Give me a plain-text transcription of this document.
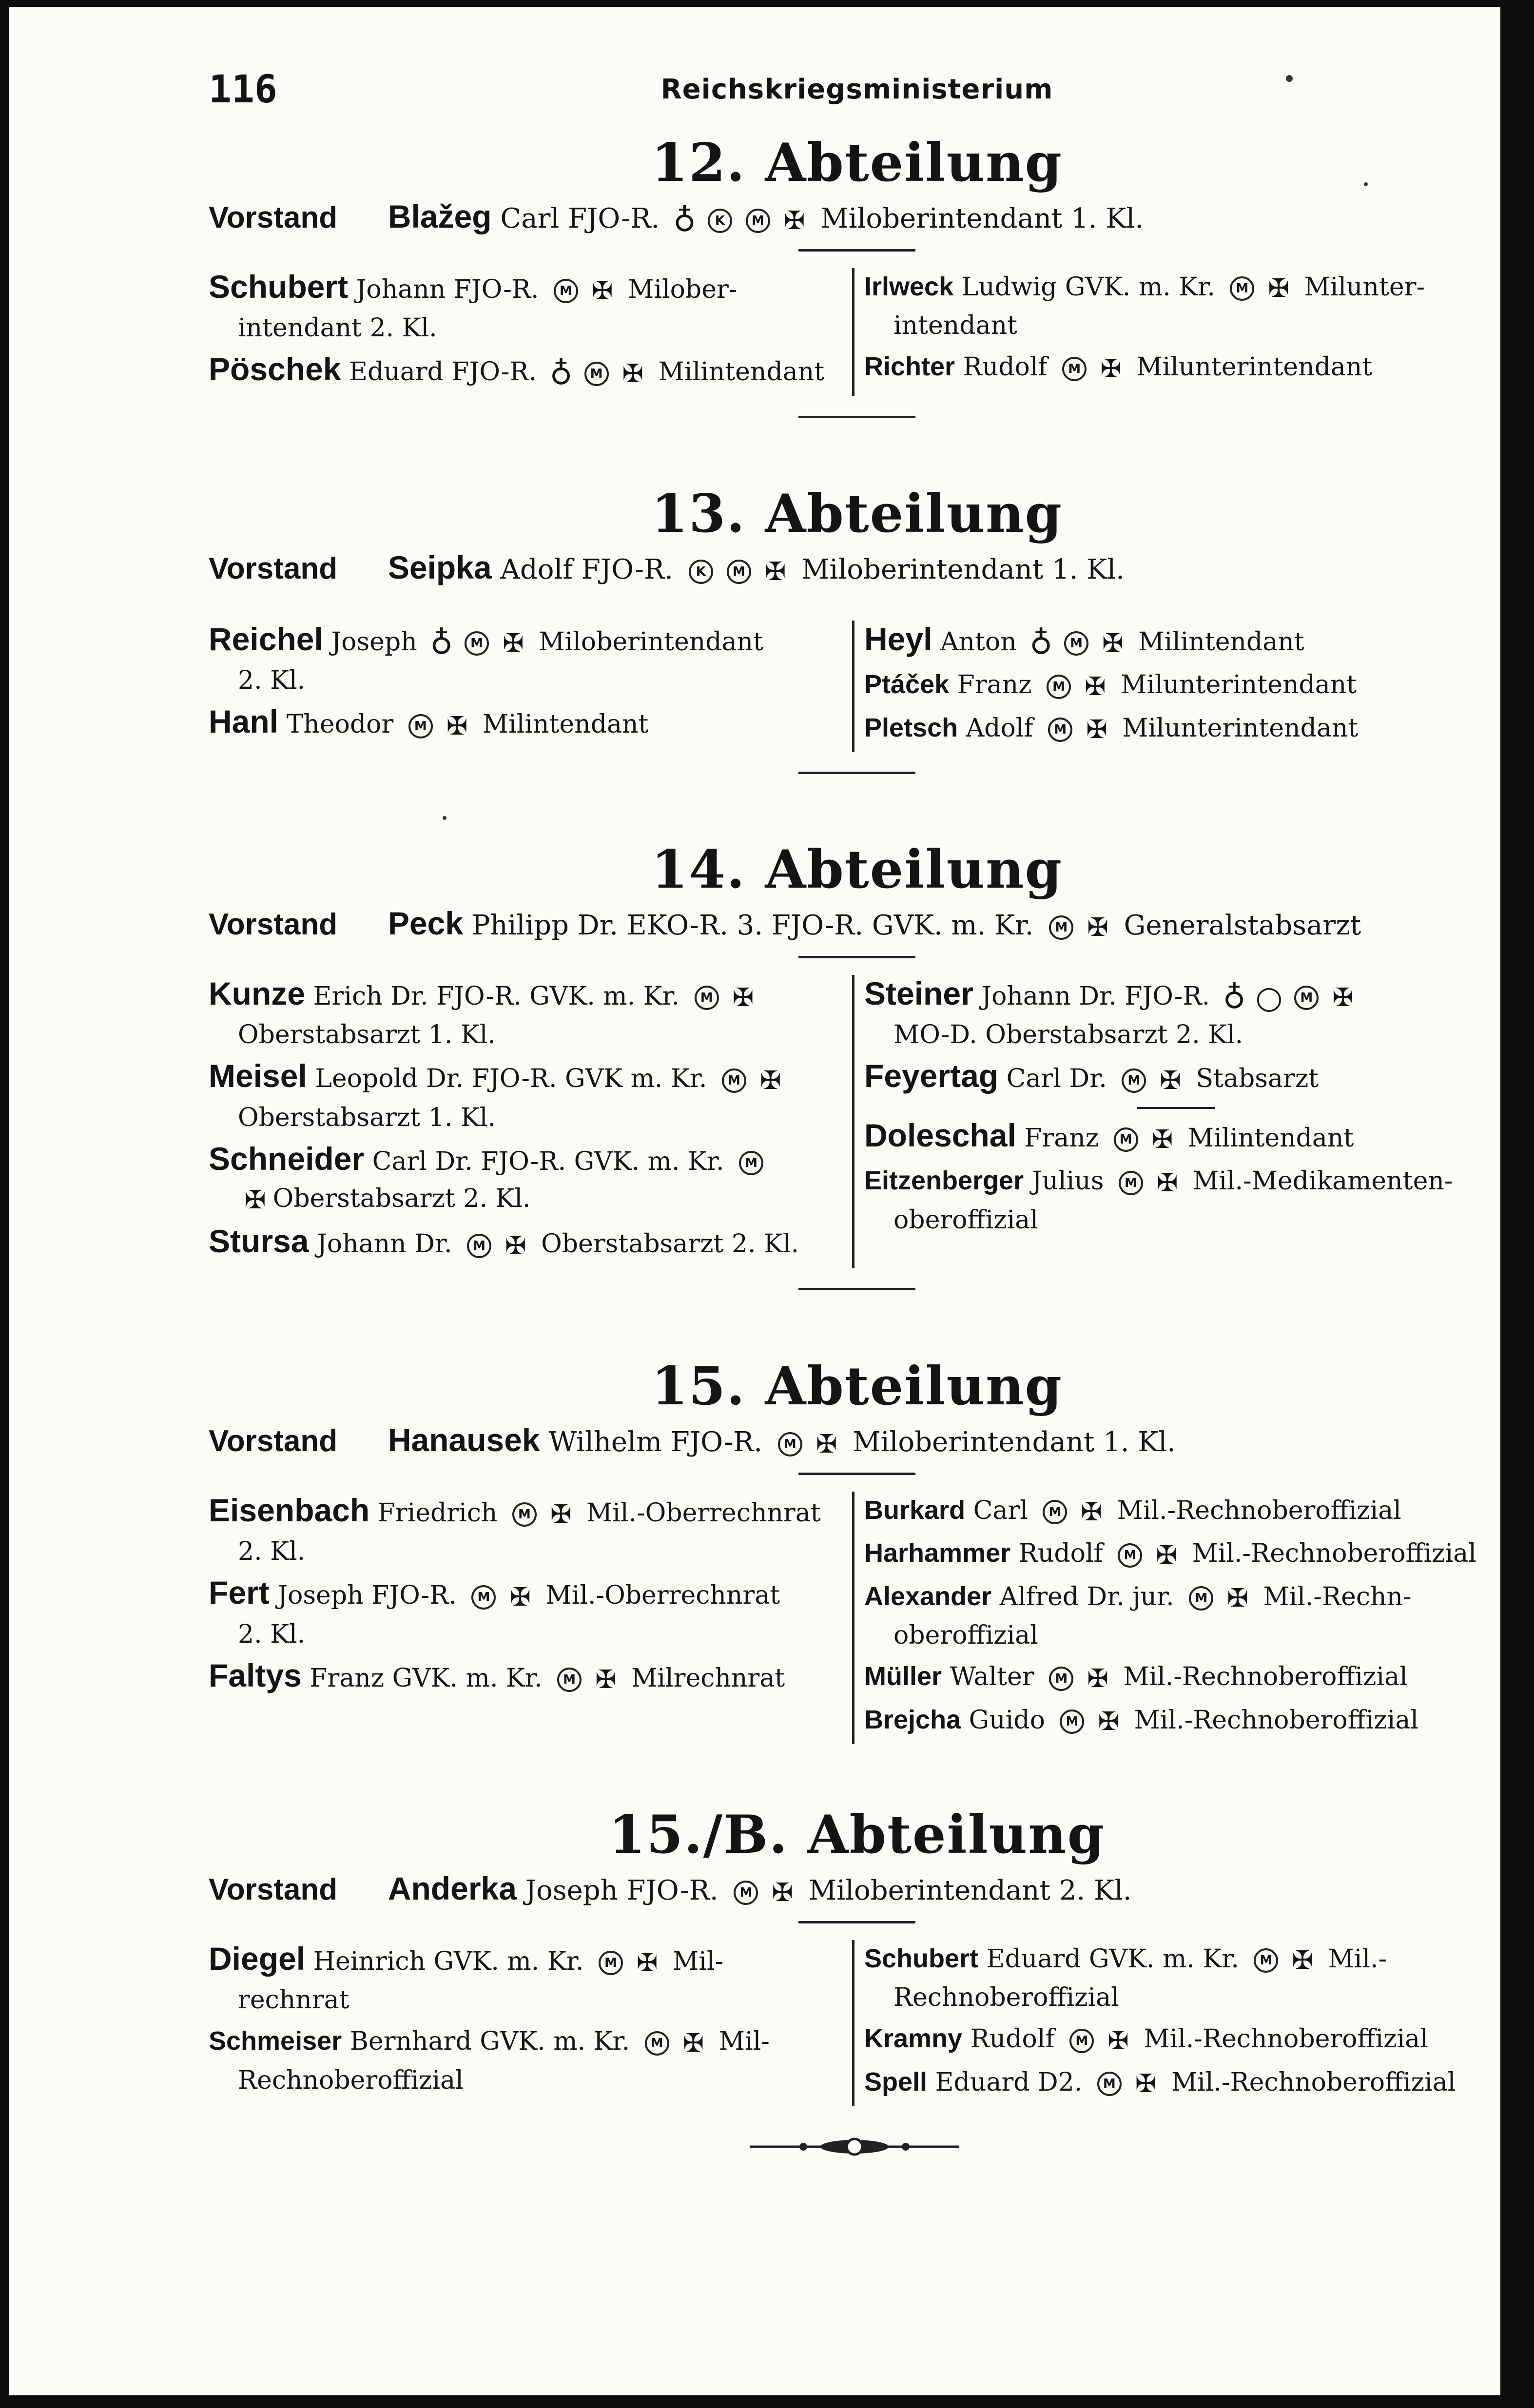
116	Reichskriegsministerium
12. Abteilung
Vorstand Blažeg Carl FJO-R. ♁ K M ✠ Miloberintendant 1. Kl.
Schubert Johann FJO-R. M ✠ Milober-
intendant 2. Kl.
Pöschek Eduard FJO-R. ♁ M ✠ Milintendant
Irlweck Ludwig GVK. m. Kr. M ✠ Milunter-
intendant
Richter Rudolf M ✠ Milunterintendant
13. Abteilung
Vorstand Seipka Adolf FJO-R. K M ✠ Miloberintendant 1. Kl.
Reichel Joseph ♁ M ✠ Miloberintendant
2. Kl.
Hanl Theodor M ✠ Milintendant
Heyl Anton ♁ M ✠ Milintendant
Ptáček Franz M ✠ Milunterintendant
Pletsch Adolf M ✠ Milunterintendant
14. Abteilung
Vorstand Peck Philipp Dr. EKO-R. 3. FJO-R. GVK. m. Kr. M ✠ Generalstabsarzt
Kunze Erich Dr. FJO-R. GVK. m. Kr. M ✠
Oberstabsarzt 1. Kl.
Meisel Leopold Dr. FJO-R. GVK m. Kr. M ✠
Oberstabsarzt 1. Kl.
Schneider Carl Dr. FJO-R. GVK. m. Kr. M
✠ Oberstabsarzt 2. Kl.
Stursa Johann Dr. M ✠ Oberstabsarzt 2. Kl.
Steiner Johann Dr. FJO-R. ♁ ○ M ✠
MO-D. Oberstabsarzt 2. Kl.
Feyertag Carl Dr. M ✠ Stabsarzt
Doleschal Franz M ✠ Milintendant
Eitzenberger Julius M ✠ Mil.-Medikamenten-
oberoffizial
15. Abteilung
Vorstand Hanausek Wilhelm FJO-R. M ✠ Miloberintendant 1. Kl.
Eisenbach Friedrich M ✠ Mil.-Oberrechnrat
2. Kl.
Fert Joseph FJO-R. M ✠ Mil.-Oberrechnrat
2. Kl.
Faltys Franz GVK. m. Kr. M ✠ Milrechnrat
Burkard Carl M ✠ Mil.-Rechnoberoffizial
Harhammer Rudolf M ✠ Mil.-Rechnoberoffizial
Alexander Alfred Dr. jur. M ✠ Mil.-Rechn-
oberoffizial
Müller Walter M ✠ Mil.-Rechnoberoffizial
Brejcha Guido M ✠ Mil.-Rechnoberoffizial
15./B. Abteilung
Vorstand Anderka Joseph FJO-R. M ✠ Miloberintendant 2. Kl.
Diegel Heinrich GVK. m. Kr. M ✠ Mil-
rechnrat
Schmeiser Bernhard GVK. m. Kr. M ✠ Mil-
Rechnoberoffizial
Schubert Eduard GVK. m. Kr. M ✠ Mil.-
Rechnoberoffizial
Kramny Rudolf M ✠ Mil.-Rechnoberoffizial
Spell Eduard D2. M ✠ Mil.-Rechnoberoffizial
